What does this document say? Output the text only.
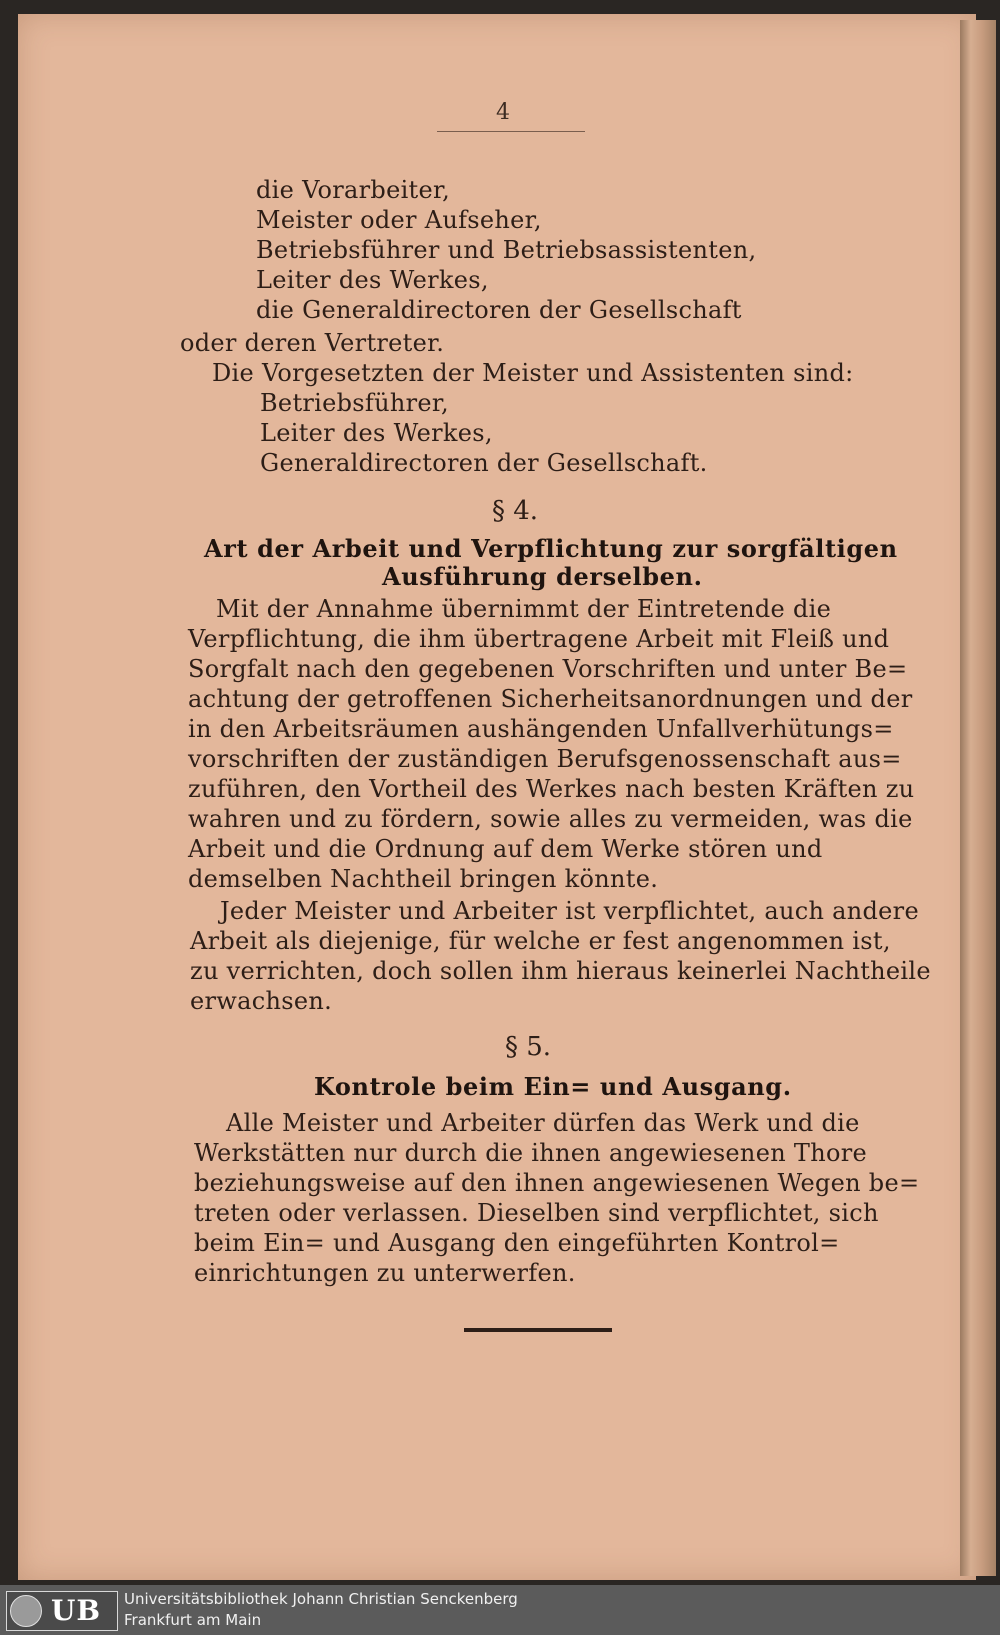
4
die Vorarbeiter,
Meister oder Aufseher,
Betriebsführer und Betriebsassistenten,
Leiter des Werkes,
die Generaldirectoren der Gesellschaft
oder deren Vertreter.
Die Vorgesetzten der Meister und Assistenten sind:
Betriebsführer,
Leiter des Werkes,
Generaldirectoren der Gesellschaft.
§ 4.
Art der Arbeit und Verpflichtung zur sorgfältigen
Ausführung derselben.
Mit der Annahme übernimmt der Eintretende die
Verpflichtung, die ihm übertragene Arbeit mit Fleiß und
Sorgfalt nach den gegebenen Vorschriften und unter Be=
achtung der getroffenen Sicherheitsanordnungen und der
in den Arbeitsräumen aushängenden Unfallverhütungs=
vorschriften der zuständigen Berufsgenossenschaft aus=
zuführen, den Vortheil des Werkes nach besten Kräften zu
wahren und zu fördern, sowie alles zu vermeiden, was die
Arbeit und die Ordnung auf dem Werke stören und
demselben Nachtheil bringen könnte.
Jeder Meister und Arbeiter ist verpflichtet, auch andere
Arbeit als diejenige, für welche er fest angenommen ist,
zu verrichten, doch sollen ihm hieraus keinerlei Nachtheile
erwachsen.
§ 5.
Kontrole beim Ein= und Ausgang.
Alle Meister und Arbeiter dürfen das Werk und die
Werkstätten nur durch die ihnen angewiesenen Thore
beziehungsweise auf den ihnen angewiesenen Wegen be=
treten oder verlassen. Dieselben sind verpflichtet, sich
beim Ein= und Ausgang den eingeführten Kontrol=
einrichtungen zu unterwerfen.
UB Universitätsbibliothek Johann Christian Senckenberg
Frankfurt am Main
